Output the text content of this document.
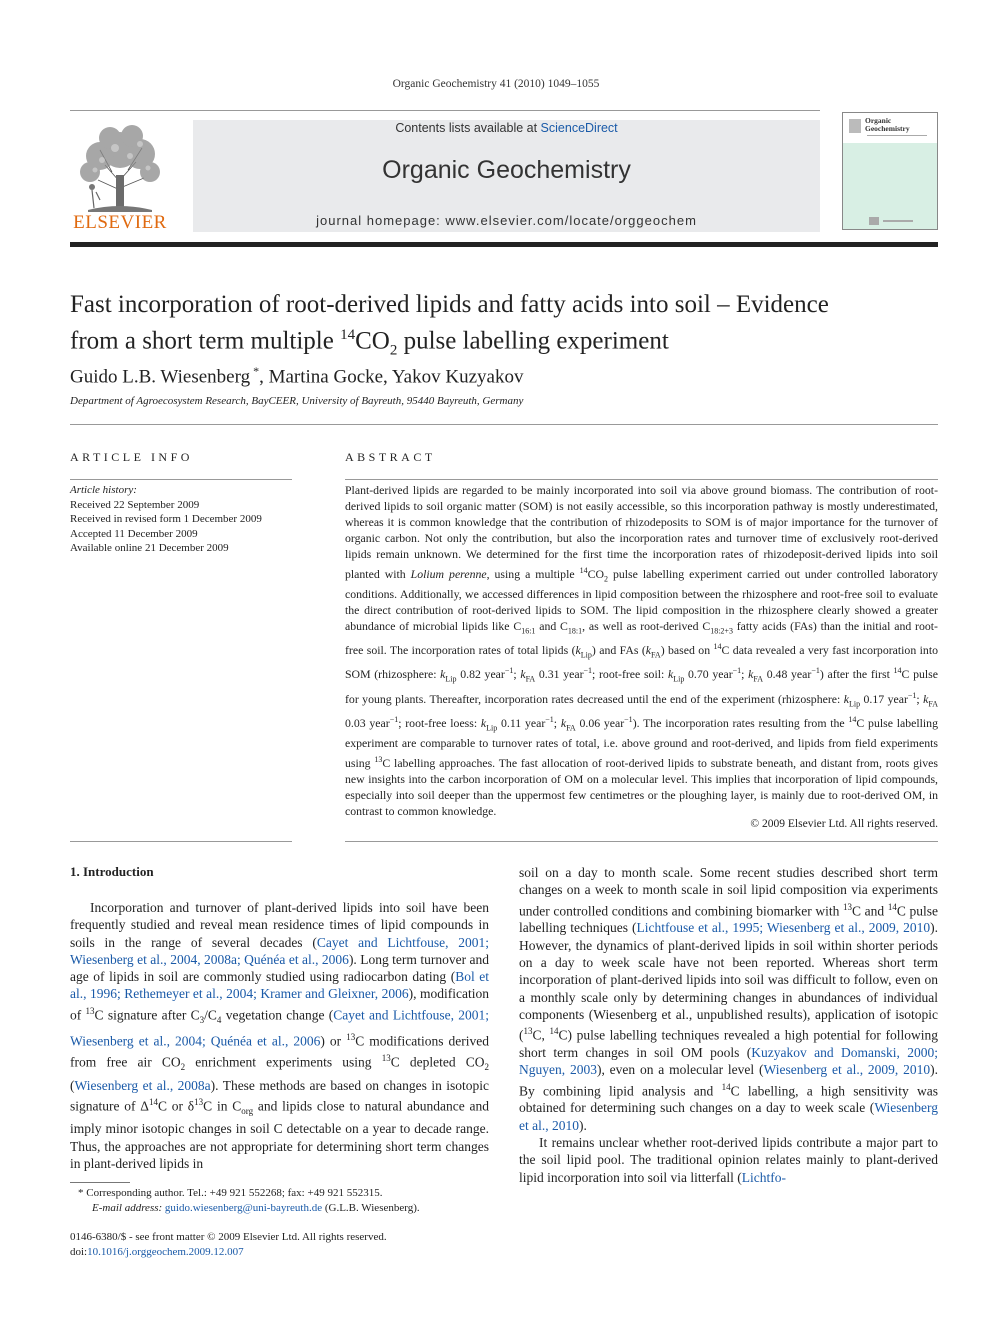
Organic Geochemistry 41 (2010) 1049–1055
ELSEVIER
Contents lists available at ScienceDirect
Organic Geochemistry
journal homepage: www.elsevier.com/locate/orggeochem
Organic Geochemistry
Fast incorporation of root-derived lipids and fatty acids into soil – Evidence
from a short term multiple $^{14}CO_2$ pulse labelling experiment
Guido L.B. Wiesenberg *, Martina Gocke, Yakov Kuzyakov
Department of Agroecosystem Research, BayCEER, University of Bayreuth, 95440 Bayreuth, Germany
ARTICLE INFO	ABSTRACT
Article history:
Received 22 September 2009
Received in revised form 1 December 2009
Accepted 11 December 2009
Available online 21 December 2009
Plant-derived lipids are regarded to be mainly incorporated into soil via above ground biomass. The contribution of root-derived lipids to soil organic matter (SOM) is not easily accessible, so this incorporation pathway is mostly underestimated, whereas it is common knowledge that the contribution of rhizodeposits to SOM is of major importance for the turnover of organic carbon. Not only the contribution, but also the incorporation rates and turnover time of exclusively root-derived lipids remain unknown. We determined for the first time the incorporation rates of rhizodeposit-derived lipids into soil planted with Lolium perenne, using a multiple $^{14}CO_2$ pulse labelling experiment carried out under controlled laboratory conditions. Additionally, we accessed differences in lipid composition between the rhizosphere and root-free soil to evaluate the direct contribution of root-derived lipids to SOM. The lipid composition in the rhizosphere clearly showed a greater abundance of microbial lipids like $C_{16:1}$ and $C_{18:1}$, as well as root-derived $C_{18:2+3}$ fatty acids (FAs) than the initial and root-free soil. The incorporation rates of total lipids $(k_{Lip})$ and FAs $(k_{FA})$ based on $^{14}$C data revealed a very fast incorporation into SOM (rhizosphere: $k_{Lip}$ 0.82 year$^{-1}$; $k_{FA}$ 0.31 year$^{-1}$; root-free soil: $k_{Lip}$ 0.70 year$^{-1}$; $k_{FA}$ 0.48 year$^{-1}$) after the first $^{14}$C pulse for young plants. Thereafter, incorporation rates decreased until the end of the experiment (rhizosphere: $k_{Lip}$ 0.17 year$^{-1}$; $k_{FA}$ 0.03 year$^{-1}$; root-free loess: $k_{Lip}$ 0.11 year$^{-1}$; $k_{FA}$ 0.06 year$^{-1}$). The incorporation rates resulting from the $^{14}$C pulse labelling experiment are comparable to turnover rates of total, i.e. above ground and root-derived, and lipids from field experiments using $^{13}$C labelling approaches. The fast allocation of root-derived lipids to substrate beneath, and distant from, roots gives new insights into the carbon incorporation of OM on a molecular level. This implies that incorporation of lipid compounds, especially into soil deeper than the uppermost few centimetres or the ploughing layer, is mainly due to root-derived OM, in contrast to common knowledge.
© 2009 Elsevier Ltd. All rights reserved.
1. Introduction

Incorporation and turnover of plant-derived lipids into soil have been frequently studied and reveal mean residence times of lipid compounds in soils in the range of several decades (Cayet and Lichtfouse, 2001; Wiesenberg et al., 2004, 2008a; Quénéa et al., 2006). Long term turnover and age of lipids in soil are commonly studied using radiocarbon dating (Bol et al., 1996; Rethemeyer et al., 2004; Kramer and Gleixner, 2006), modification of $^{13}$C signature after $C_3/C_4$ vegetation change (Cayet and Lichtfouse, 2001; Wiesenberg et al., 2004; Quénéa et al., 2006) or $^{13}$C modifications derived from free air $CO_2$ enrichment experiments using $^{13}$C depleted $CO_2$ (Wiesenberg et al., 2008a). These methods are based on changes in isotopic signature of $\Delta^{14}C$ or $\delta^{13}C$ in $C_{org}$ and lipids close to natural abundance and imply minor isotopic changes in soil C detectable on a year to decade range. Thus, the approaches are not appropriate for determining short term changes in plant-derived lipids in

soil on a day to month scale. Some recent studies described short term changes on a week to month scale in soil lipid composition via experiments under controlled conditions and combining biomarker with $^{13}$C and $^{14}$C pulse labelling techniques (Lichtfouse et al., 1995; Wiesenberg et al., 2009, 2010). However, the dynamics of plant-derived lipids in soil within shorter periods on a day to week scale have not been reported. Whereas short term incorporation of plant-derived lipids into soil was difficult to follow, even on a monthly scale only by determining changes in abundances of individual components (Wiesenberg et al., unpublished results), application of isotopic ($^{13}$C, $^{14}$C) pulse labelling techniques revealed a high potential for following short term changes in soil OM pools (Kuzyakov and Domanski, 2000; Nguyen, 2003), even on a molecular level (Wiesenberg et al., 2009, 2010). By combining lipid analysis and $^{14}$C labelling, a high sensitivity was obtained for determining such changes on a day to week scale (Wiesenberg et al., 2010).

It remains unclear whether root-derived lipids contribute a major part to the soil lipid pool. The traditional opinion relates mainly to plant-derived lipid incorporation into soil via litterfall (Lichtfo-

* Corresponding author. Tel.: +49 921 552268; fax: +49 921 552315.
E-mail address: guido.wiesenberg@uni-bayreuth.de (G.L.B. Wiesenberg).
0146-6380/$ - see front matter © 2009 Elsevier Ltd. All rights reserved.
doi:10.1016/j.orggeochem.2009.12.007
